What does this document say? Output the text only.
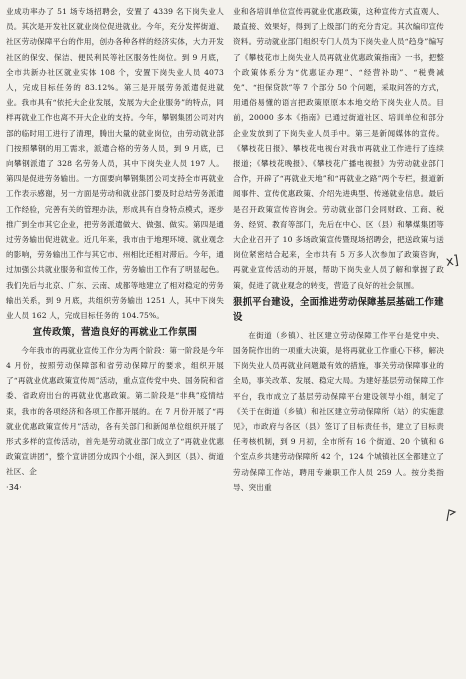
业成功率办了 51 场专场招聘会，安置了 4339 名下岗失业人员。其次是开发社区就业岗位促进就业。今年，充分发挥街道、社区劳动保障平台的作用，创办各种各样的经济实体，大力开发社区的保安、保洁、便民利民等社区服务性岗位。到 9 月底，全市共新办社区就业实体 108 个，安置下岗失业人员 4073 人，完成目标任务的 83.12%。第三是开展劳务派遣促进就业。我市具有“依托大企业发展，发展为大企业服务”的特点，同样再就业工作也离不开大企业的支持。今年，攀钢集团公司对内部的临时用工进行了清理，腾出大量的就业岗位，由劳动就业部门按照攀钢的用工需求，派遣合格的劳务人员，到 9 月底，已向攀钢派遣了 328 名劳务人员，其中下岗失业人员 197 人。第四是促进劳务输出。一方面要向攀钢集团公司支持全市再就业工作表示感谢，另一方面是劳动和就业部门要及时总结劳务派遣工作经验，完善有关的管理办法，形成具有自身特点模式，逐步推广到全市其它企业，把劳务派遣做大、做强、做实。第四是通过劳务输出促进就业。近几年来，我市由于地理环境、就业观念的影响，劳务输出工作与其它市、州相比还相对滞后。今年，通过加强公共就业服务和宣传工作，劳务输出工作有了明显起色。我们先后与北京、广东、云南、成都等地建立了相对稳定的劳务输出关系，到 9 月底，共组织劳务输出 1251 人，其中下岗失业人员 162 人，完成目标任务的 104.75%。

宣传政策，营造良好的再就业工作氛围

今年我市的再就业宣传工作分为两个阶段：第一阶段是今年 4 月份，按照劳动保障部和省劳动保障厅的要求，组织开展了“再就业优惠政策宣传周”活动，重点宣传党中央、国务院和省委、省政府出台的再就业优惠政策。第二阶段是“非典”疫情结束，我市的各项经济和各项工作都开展的。在 7 月份开展了“再就业优惠政策宣传月”活动，各有关部门和新闻单位组织开展了形式多样的宣传活动，首先是劳动就业部门成立了“再就业优惠政策宣讲团”，整个宣讲团分成四个小组，深入到区（县）、街道社区、企

·34·

业和各培训单位宣传再就业优惠政策，这种宣传方式直观人、最直接、效果好，得到了上级部门的充分肯定。其次编印宣传资料。劳动就业部门组织专门人员为下岗失业人员“趋身”编写了《攀枝花市上岗失业人员再就业优惠政策指南》一书，把整个政策体系分为“优惠证办理”、“经营补助”、“税费减免”、“担保贷款”等 7 个部分 50 个问题，采取问答的方式，用通俗易懂的语言把政策原原本本地交给下岗失业人员。目前，20000 多本《指南》已通过街道社区、培训单位和部分企业发放到了下岗失业人员手中。第三是新闻媒体的宣传。《攀枝花日报》、攀枝花电视台对我市再就业工作进行了连续报道；《攀枝花晚报》、《攀枝花广播电视报》为劳动就业部门合作，开辟了“再就业天地”和“再就业之路”两个专栏，报道新闻事件、宣传优惠政策、介绍先进典型、传递就业信息。最后是召开政策宣传咨询会。劳动就业部门会同财政、工商、税务、经贸、教育等部门，先后在中心、区（县）和攀煤集团等大企业召开了 10 多场政策宣传暨现场招聘会，把送政策与送岗位紧密结合起来，全市共有 5 万多人次参加了政策咨询，再就业宣传活动的开展，帮助下岗失业人员了解和掌握了政策，促进了就业观念的转变，营造了良好的社会氛围。

狠抓平台建设，全面推进劳动保障基层基础工作建设

在街道（乡镇）、社区建立劳动保障工作平台是党中央、国务院作出的一项重大决策，是将再就业工作重心下移，解决下岗失业人员再就业问题最有效的措施，事关劳动保障事业的全局，事关改革、发展、稳定大局。为建好基层劳动保障工作平台，我市成立了基层劳动保障平台建设领导小组，制定了《关于在街道（乡镇）和社区建立劳动保障所（站）的实施意见》，市政府与各区（县）签订了目标责任书，建立了目标责任考核机制，到 9 月初，全市所有 16 个街道、20 个镇和 6 个室点乡共建劳动保障所 42 个，124 个城镇社区全都建立了劳动保障工作站，聘用专兼职工作人员 259 人。按分类指导、突出重

x]
